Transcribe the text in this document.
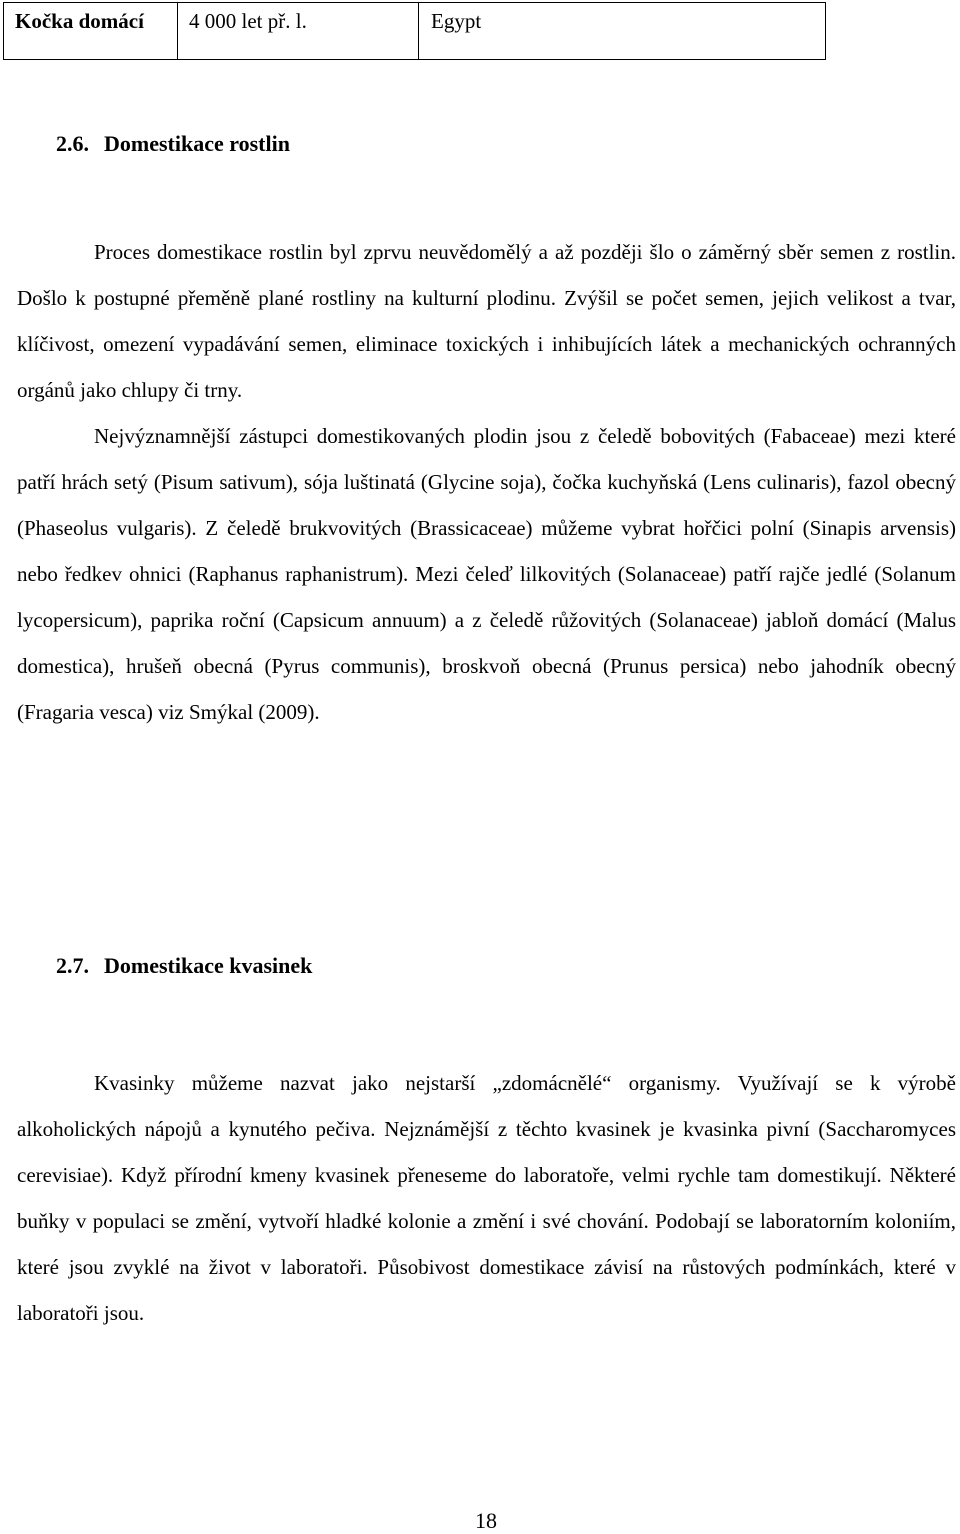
Kočka domácí	4 000 let př. l.	Egypt
2.6. Domestikace rostlin

Proces domestikace rostlin byl zprvu neuvědomělý a až později šlo o záměrný sběr semen z rostlin. Došlo k postupné přeměně plané rostliny na kulturní plodinu. Zvýšil se počet semen, jejich velikost a tvar, klíčivost, omezení vypadávání semen, eliminace toxických i inhibujících látek a mechanických ochranných orgánů jako chlupy či trny.

Nejvýznamnější zástupci domestikovaných plodin jsou z čeledě bobovitých (Fabaceae) mezi které patří hrách setý (Pisum sativum), sója luštinatá (Glycine soja), čočka kuchyňská (Lens culinaris), fazol obecný (Phaseolus vulgaris). Z čeledě brukvovitých (Brassicaceae) můžeme vybrat hořčici polní (Sinapis arvensis) nebo ředkev ohnici (Raphanus raphanistrum). Mezi čeleď lilkovitých (Solanaceae) patří rajče jedlé (Solanum lycopersicum), paprika roční (Capsicum annuum) a z čeledě růžovitých (Solanaceae) jabloň domácí (Malus domestica), hrušeň obecná (Pyrus communis), broskvoň obecná (Prunus persica) nebo jahodník obecný (Fragaria vesca) viz Smýkal (2009).

2.7. Domestikace kvasinek

Kvasinky můžeme nazvat jako nejstarší „zdomácnělé“ organismy. Využívají se k výrobě alkoholických nápojů a kynutého pečiva. Nejznámější z těchto kvasinek je kvasinka pivní (Saccharomyces cerevisiae). Když přírodní kmeny kvasinek přeneseme do laboratoře, velmi rychle tam domestikují. Některé buňky v populaci se změní, vytvoří hladké kolonie a změní i své chování. Podobají se laboratorním koloniím, které jsou zvyklé na život v laboratoři. Působivost domestikace závisí na růstových podmínkách, které v laboratoři jsou.

18
